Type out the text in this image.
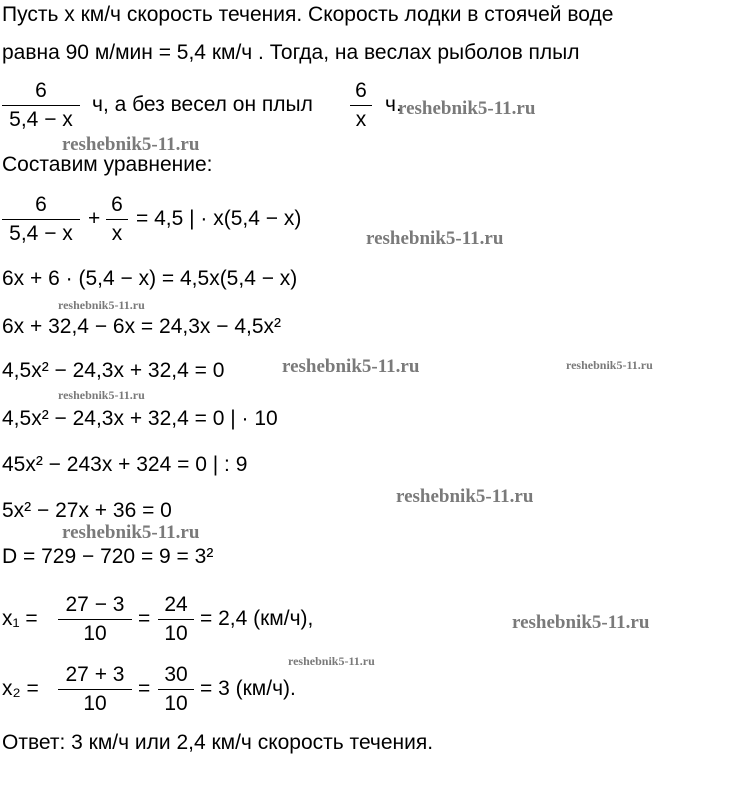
Пусть x км/ч скорость течения. Скорость лодки в стоячей воде
равна 90 м/мин = 5,4 км/ч . Тогда, на веслах рыболов плыл
6
5,4 − x
ч, а без весел он плыл
6
x
ч.
Составим уравнение:
6
5,4 − x
+
6
x
= 4,5 | · x(5,4 − x)
6x + 6 · (5,4 − x) = 4,5x(5,4 − x)
6x + 32,4 − 6x = 24,3x − 4,5x²
4,5x² − 24,3x + 32,4 = 0
4,5x² − 24,3x + 32,4 = 0 | · 10
45x² − 243x + 324 = 0 | : 9
5x² − 27x + 36 = 0
D = 729 − 720 = 9 = 3²
x₁ =
27 − 3
10
=
24
10
= 2,4 (км/ч),
x₂ =
27 + 3
10
=
30
10
= 3 (км/ч).
Ответ: 3 км/ч или 2,4 км/ч скорость течения.
reshebnik5-11.ru
reshebnik5-11.ru
reshebnik5-11.ru
reshebnik5-11.ru
reshebnik5-11.ru	reshebnik5-11.ru
reshebnik5-11.ru
reshebnik5-11.ru
reshebnik5-11.ru
reshebnik5-11.ru
reshebnik5-11.ru
